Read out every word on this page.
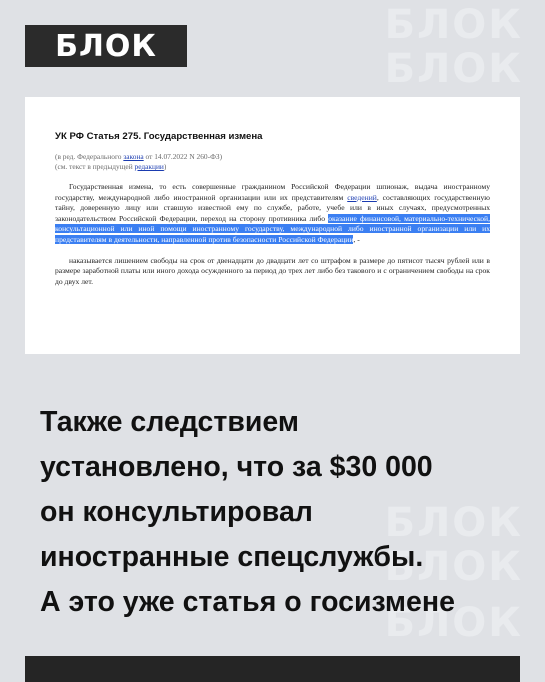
БЛОК
БЛОК
БЛОК
БЛОК
БЛОК
БЛОК
УК РФ Статья 275. Государственная измена
(в ред. Федерального закона от 14.07.2022 N 260-ФЗ)
(см. текст в предыдущей редакции)
Государственная измена, то есть совершенные гражданином Российской Федерации шпионаж, выдача иностранному государству, международной либо иностранной организации или их представителям сведений, составляющих государственную тайну, доверенную лицу или ставшую известной ему по службе, работе, учебе или в иных случаях, предусмотренных законодательством Российской Федерации, переход на сторону противника либо оказание финансовой, материально-технической, консультационной или иной помощи иностранному государству, международной либо иностранной организации или их представителям в деятельности, направленной против безопасности Российской Федерации, -
наказывается лишением свободы на срок от двенадцати до двадцати лет со штрафом в размере до пятисот тысяч рублей или в размере заработной платы или иного дохода осужденного за период до трех лет либо без такового и с ограничением свободы на срок до двух лет.
Также следствием
установлено, что за $30 000
он консультировал
иностранные спецслужбы.
А это уже статья о госизмене
